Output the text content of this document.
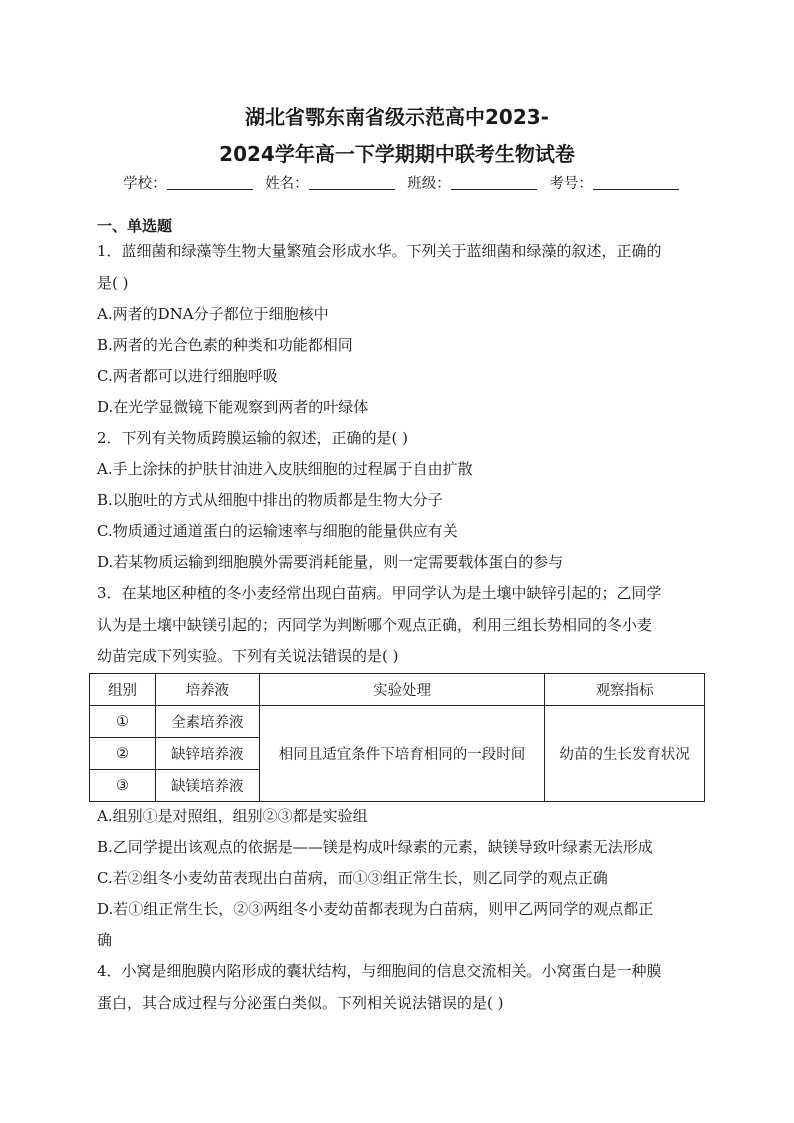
湖北省鄂东南省级示范高中2023-
2024学年高一下学期期中联考生物试卷
学校：	姓名：	班级：	考号：
一、单选题
1．蓝细菌和绿藻等生物大量繁殖会形成水华。下列关于蓝细菌和绿藻的叙述，正确的
是( )
A.两者的DNA分子都位于细胞核中
B.两者的光合色素的种类和功能都相同
C.两者都可以进行细胞呼吸
D.在光学显微镜下能观察到两者的叶绿体
2．下列有关物质跨膜运输的叙述，正确的是( )
A.手上涂抹的护肤甘油进入皮肤细胞的过程属于自由扩散
B.以胞吐的方式从细胞中排出的物质都是生物大分子
C.物质通过通道蛋白的运输速率与细胞的能量供应有关
D.若某物质运输到细胞膜外需要消耗能量，则一定需要载体蛋白的参与
3．在某地区种植的冬小麦经常出现白苗病。甲同学认为是土壤中缺锌引起的；乙同学
认为是土壤中缺镁引起的；丙同学为判断哪个观点正确，利用三组长势相同的冬小麦
幼苗完成下列实验。下列有关说法错误的是( )
组别	培养液	实验处理	观察指标
①	全素培养液	相同且适宜条件下培育相同的一段时间	幼苗的生长发育状况
②	缺锌培养液		
③	缺镁培养液		
A.组别①是对照组，组别②③都是实验组
B.乙同学提出该观点的依据是——镁是构成叶绿素的元素，缺镁导致叶绿素无法形成
C.若②组冬小麦幼苗表现出白苗病，而①③组正常生长，则乙同学的观点正确
D.若①组正常生长，②③两组冬小麦幼苗都表现为白苗病，则甲乙两同学的观点都正
确
4．小窝是细胞膜内陷形成的囊状结构，与细胞间的信息交流相关。小窝蛋白是一种膜
蛋白，其合成过程与分泌蛋白类似。下列相关说法错误的是( )
